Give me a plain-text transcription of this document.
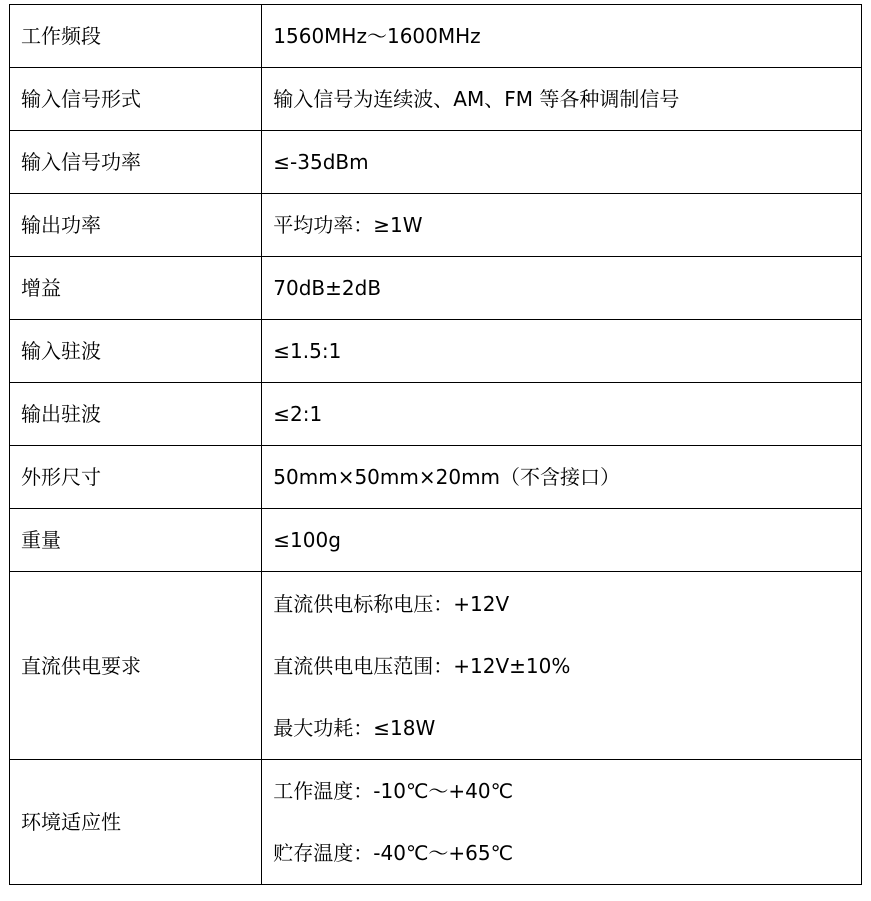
工作频段	1560MHz～1600MHz
输入信号形式	输入信号为连续波、AM、FM 等各种调制信号
输入信号功率	≤-35dBm
输出功率	平均功率：≥1W
增益	70dB±2dB
输入驻波	≤1.5:1
输出驻波	≤2:1
外形尺寸	50mm×50mm×20mm（不含接口）
重量	≤100g
直流供电要求	直流供电标称电压：+12V
直流供电电压范围：+12V±10%
最大功耗：≤18W

环境适应性	工作温度：-10℃～+40℃
贮存温度：-40℃～+65℃
